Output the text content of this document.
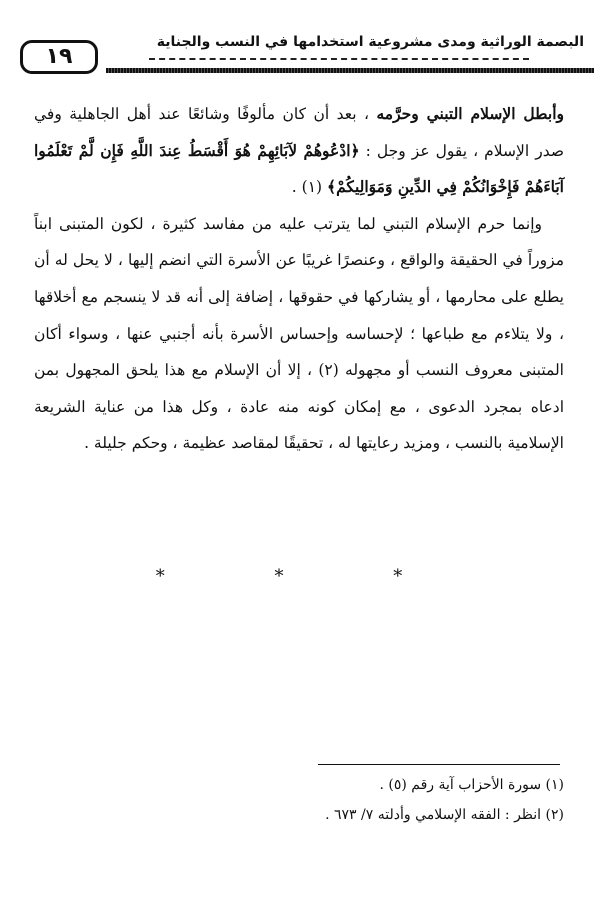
١٩
البصمة الوراثية ومدى مشروعية استخدامها في النسب والجناية

وأبطل الإسلام التبني وحرَّمه ، بعد أن كان مألوفًا وشائعًا عند أهل الجاهلية وفي صدر الإسلام ، يقول عز وجل : ﴿ادْعُوهُمْ لآبَائِهِمْ هُوَ أَقْسَطُ عِندَ اللَّهِ فَإِن لَّمْ تَعْلَمُوا آبَاءَهُمْ فَإِخْوَانُكُمْ فِي الدِّينِ وَمَوَالِيكُمْ﴾ (١) .

وإنما حرم الإسلام التبني لما يترتب عليه من مفاسد كثيرة ، لكون المتبنى ابناً مزوراً في الحقيقة والواقع ، وعنصرًا غريبًا عن الأسرة التي انضم إليها ، لا يحل له أن يطلع على محارمها ، أو يشاركها في حقوقها ، إضافة إلى أنه قد لا ينسجم مع أخلاقها ، ولا يتلاءم مع طباعها ؛ لإحساسه وإحساس الأسرة بأنه أجنبي عنها ، وسواء أكان المتبنى معروف النسب أو مجهوله (٢) ، إلا أن الإسلام مع هذا يلحق المجهول بمن ادعاه بمجرد الدعوى ، مع إمكان كونه منه عادة ، وكل هذا من عناية الشريعة الإسلامية بالنسب ، ومزيد رعايتها له ، تحقيقًا لمقاصد عظيمة ، وحكم جليلة .

* * *
(١) سورة الأحزاب آية رقم (٥) .
(٢) انظر : الفقه الإسلامي وأدلته ٧/ ٦٧٣ .
